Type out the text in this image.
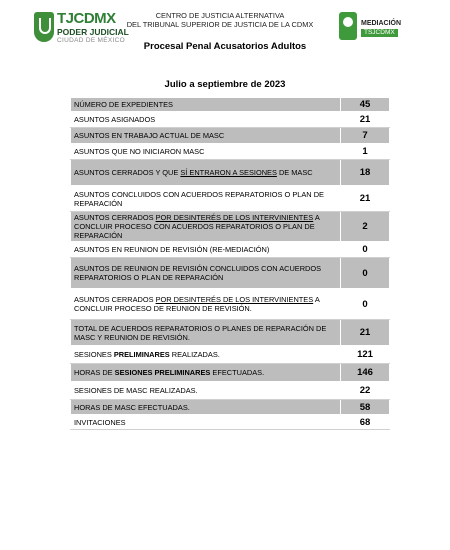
TJCDMX
PODER JUDICIAL
CIUDAD DE MÉXICO
CENTRO DE JUSTICIA ALTERNATIVA
DEL TRIBUNAL SUPERIOR DE JUSTICIA DE LA CDMX	MEDIACIÓN
TSJCDMX
Procesal Penal Acusatorios Adultos
Julio a septiembre de 2023
NÚMERO DE EXPEDIENTES	45
ASUNTOS ASIGNADOS	21
ASUNTOS EN TRABAJO ACTUAL DE MASC	7
ASUNTOS QUE NO INICIARON MASC	1
ASUNTOS CERRADOS Y QUE SÍ ENTRARON A SESIONES DE MASC	18
ASUNTOS CONCLUIDOS CON ACUERDOS REPARATORIOS O PLAN DE REPARACIÓN	21
ASUNTOS CERRADOS POR DESINTERÉS DE LOS INTERVINIENTES A CONCLUIR PROCESO CON ACUERDOS REPARATORIOS O PLAN DE REPARACIÓN	2
ASUNTOS EN REUNION DE REVISIÓN (RE-MEDIACIÓN)	0
ASUNTOS DE REUNION DE REVISIÓN CONCLUIDOS CON ACUERDOS REPARATORIOS O PLAN DE REPARACIÓN	0
ASUNTOS CERRADOS POR DESINTERÉS DE LOS INTERVINIENTES A CONCLUIR PROCESO DE REUNION DE REVISIÓN.	0
TOTAL DE ACUERDOS REPARATORIOS O PLANES DE REPARACIÓN DE MASC Y REUNION DE REVISIÓN.	21
SESIONES PRELIMINARES REALIZADAS.	121
HORAS DE SESIONES PRELIMINARES EFECTUADAS.	146
SESIONES DE MASC REALIZADAS.	22
HORAS DE MASC EFECTUADAS.	58
INVITACIONES	68
